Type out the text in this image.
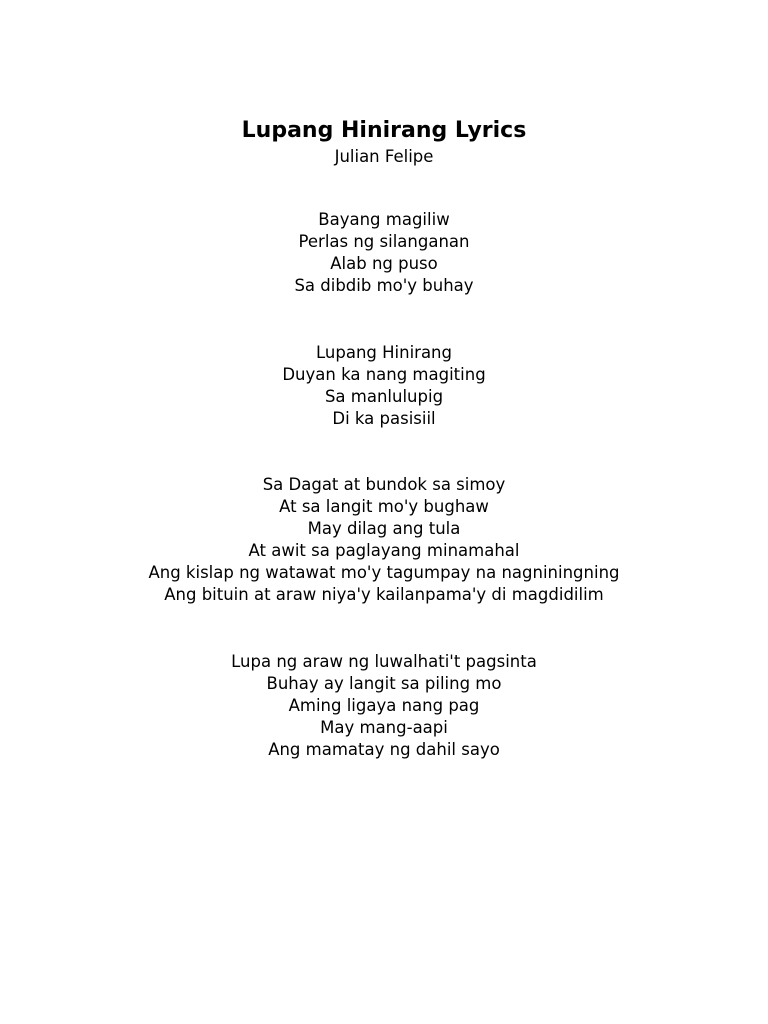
Lupang Hinirang Lyrics
Julian Felipe
Bayang magiliw
Perlas ng silanganan
Alab ng puso
Sa dibdib mo'y buhay
Lupang Hinirang
Duyan ka nang magiting
Sa manlulupig
Di ka pasisiil
Sa Dagat at bundok sa simoy
At sa langit mo'y bughaw
May dilag ang tula
At awit sa paglayang minamahal
Ang kislap ng watawat mo'y tagumpay na nagniningning
Ang bituin at araw niya'y kailanpama'y di magdidilim
Lupa ng araw ng luwalhati't pagsinta
Buhay ay langit sa piling mo
Aming ligaya nang pag
May mang-aapi
Ang mamatay ng dahil sayo
